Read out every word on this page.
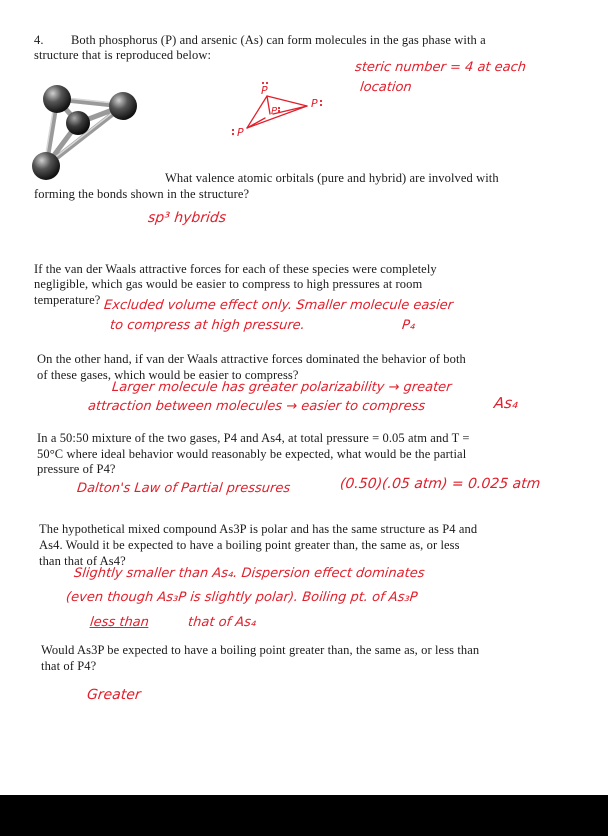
4. Both phosphorus (P) and arsenic (As) can form molecules in the gas phase with a
structure that is reproduced below:
P
P
P
P
steric number = 4 at each
location
What valence atomic orbitals (pure and hybrid) are involved with
forming the bonds shown in the structure?
sp³ hybrids
If the van der Waals attractive forces for each of these species were completely
negligible, which gas would be easier to compress to high pressures at room
temperature? Excluded volume effect only. Smaller molecule easier
to compress at high pressure.	P₄
On the other hand, if van der Waals attractive forces dominated the behavior of both
of these gases, which would be easier to compress?
Larger molecule has greater polarizability → greater
attraction between molecules → easier to compress	As₄
In a 50:50 mixture of the two gases, P4 and As4, at total pressure = 0.05 atm and T =
50°C where ideal behavior would reasonably be expected, what would be the partial
pressure of P4?
Dalton's Law of Partial pressures	(0.50)(.05 atm) = 0.025 atm
The hypothetical mixed compound As3P is polar and has the same structure as P4 and
As4. Would it be expected to have a boiling point greater than, the same as, or less
than that of As4?
Slightly smaller than As₄. Dispersion effect dominates
(even though As₃P is slightly polar). Boiling pt. of As₃P
less than	that of As₄
Would As3P be expected to have a boiling point greater than, the same as, or less than
that of P4?
Greater
